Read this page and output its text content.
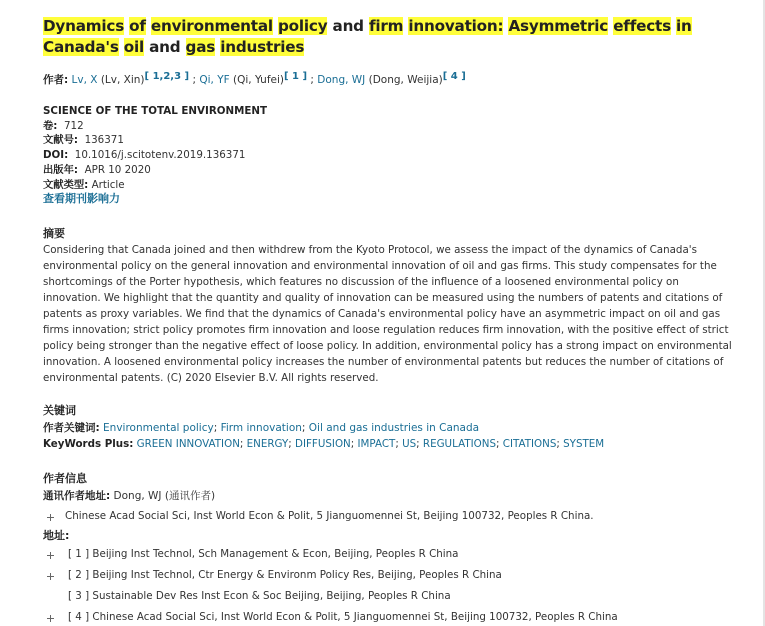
Dynamics of environmental policy and firm innovation: Asymmetric effects in Canada's oil and gas industries
作者: Lv, X (Lv, Xin)[ 1,2,3 ] ; Qi, YF (Qi, Yufei)[ 1 ] ; Dong, WJ (Dong, Weijia)[ 4 ]
SCIENCE OF THE TOTAL ENVIRONMENT
卷: 712
文献号: 136371
DOI: 10.1016/j.scitotenv.2019.136371
出版年: APR 10 2020
文献类型: Article
查看期刊影响力
摘要
Considering that Canada joined and then withdrew from the Kyoto Protocol, we assess the impact of the dynamics of Canada's environmental policy on the general innovation and environmental innovation of oil and gas firms. This study compensates for the shortcomings of the Porter hypothesis, which features no discussion of the influence of a loosened environmental policy on innovation. We highlight that the quantity and quality of innovation can be measured using the numbers of patents and citations of patents as proxy variables. We find that the dynamics of Canada's environmental policy have an asymmetric impact on oil and gas firms innovation; strict policy promotes firm innovation and loose regulation reduces firm innovation, with the positive effect of strict policy being stronger than the negative effect of loose policy. In addition, environmental policy has a strong impact on environmental innovation. A loosened environmental policy increases the number of environmental patents but reduces the number of citations of environmental patents. (C) 2020 Elsevier B.V. All rights reserved.
关键词
作者关键词: Environmental policy; Firm innovation; Oil and gas industries in Canada
KeyWords Plus: GREEN INNOVATION; ENERGY; DIFFUSION; IMPACT; US; REGULATIONS; CITATIONS; SYSTEM
作者信息
通讯作者地址: Dong, WJ (通讯作者)
Chinese Acad Social Sci, Inst World Econ & Polit, 5 Jianguomennei St, Beijing 100732, Peoples R China.
地址:
[ 1 ] Beijing Inst Technol, Sch Management & Econ, Beijing, Peoples R China
[ 2 ] Beijing Inst Technol, Ctr Energy & Environm Policy Res, Beijing, Peoples R China
[ 3 ] Sustainable Dev Res Inst Econ & Soc Beijing, Beijing, Peoples R China
[ 4 ] Chinese Acad Social Sci, Inst World Econ & Polit, 5 Jianguomennei St, Beijing 100732, Peoples R China
